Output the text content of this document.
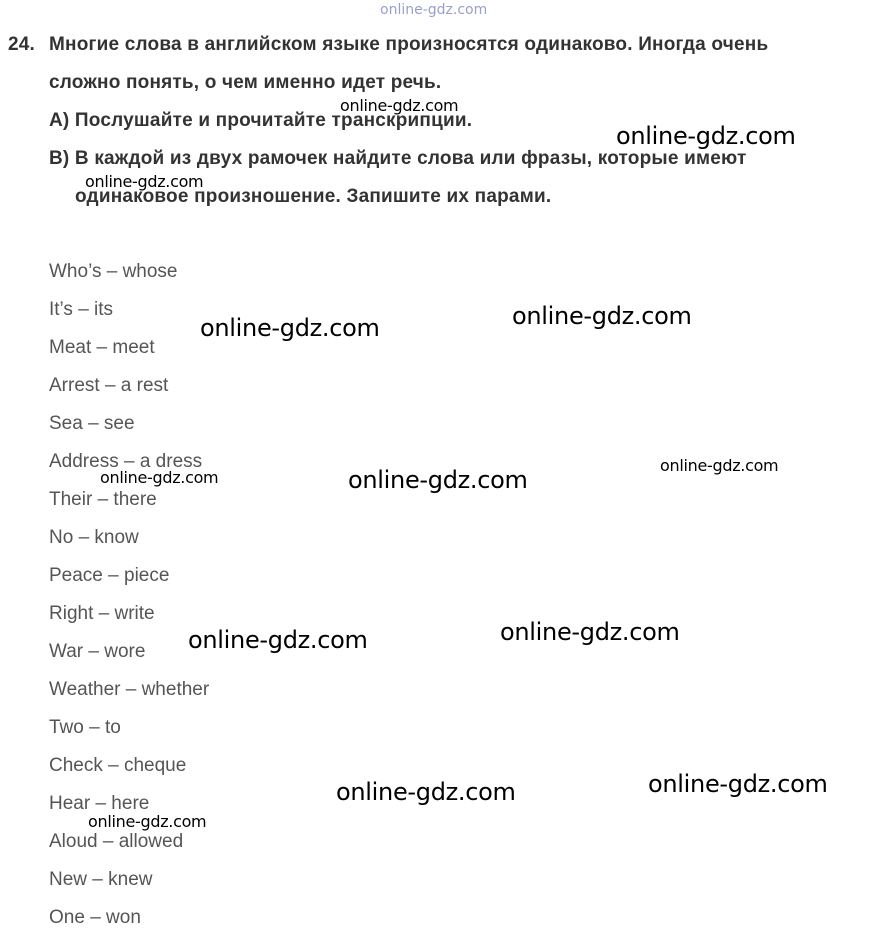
online-gdz.com
24. Многие слова в английском языке произносятся одинаково. Иногда очень
сложно понять, о чем именно идет речь.
А) Послушайте и прочитайте транскрипции.
В) В каждой из двух рамочек найдите слова или фразы, которые имеют
одинаковое произношение. Запишите их парами.
Who’s – whose
It’s – its
Meat – meet
Arrest – a rest
Sea – see
Address – a dress
Their – there
No – know
Peace – piece
Right – write
War – wore
Weather – whether
Two – to
Check – cheque
Hear – here
Aloud – allowed
New – knew
One – won
online-gdz.com
online-gdz.com
online-gdz.com
online-gdz.com	online-gdz.com
online-gdz.com
online-gdz.com	online-gdz.com
online-gdz.com	online-gdz.com
online-gdz.com
online-gdz.com
online-gdz.com
